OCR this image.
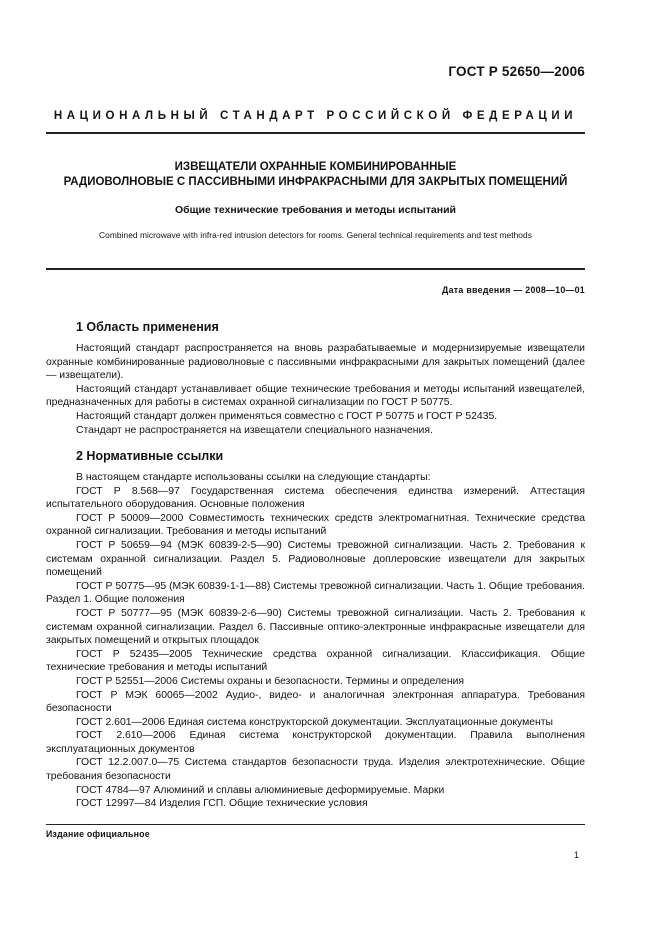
ГОСТ Р 52650—2006
НАЦИОНАЛЬНЫЙ СТАНДАРТ РОССИЙСКОЙ ФЕДЕРАЦИИ
ИЗВЕЩАТЕЛИ ОХРАННЫЕ КОМБИНИРОВАННЫЕ
РАДИОВОЛНОВЫЕ С ПАССИВНЫМИ ИНФРАКРАСНЫМИ ДЛЯ ЗАКРЫТЫХ ПОМЕЩЕНИЙ
Общие технические требования и методы испытаний
Combined microwave with infra-red intrusion detectors for rooms. General technical requirements and test methods
Дата введения — 2008—10—01
1 Область применения

Настоящий стандарт распространяется на вновь разрабатываемые и модернизируемые извещатели охранные комбинированные радиоволновые с пассивными инфракрасными для закрытых помещений (далее — извещатели).

Настоящий стандарт устанавливает общие технические требования и методы испытаний извещателей, предназначенных для работы в системах охранной сигнализации по ГОСТ Р 50775.

Настоящий стандарт должен применяться совместно с ГОСТ Р 50775 и ГОСТ Р 52435.

Стандарт не распространяется на извещатели специального назначения.

2 Нормативные ссылки

В настоящем стандарте использованы ссылки на следующие стандарты:

ГОСТ Р 8.568—97 Государственная система обеспечения единства измерений. Аттестация испытательного оборудования. Основные положения

ГОСТ Р 50009—2000 Совместимость технических средств электромагнитная. Технические средства охранной сигнализации. Требования и методы испытаний

ГОСТ Р 50659—94 (МЭК 60839-2-5—90) Системы тревожной сигнализации. Часть 2. Требования к системам охранной сигнализации. Раздел 5. Радиоволновые доплеровские извещатели для закрытых помещений

ГОСТ Р 50775—95 (МЭК 60839-1-1—88) Системы тревожной сигнализации. Часть 1. Общие требования. Раздел 1. Общие положения

ГОСТ Р 50777—95 (МЭК 60839-2-6—90) Системы тревожной сигнализации. Часть 2. Требования к системам охранной сигнализации. Раздел 6. Пассивные оптико-электронные инфракрасные извещатели для закрытых помещений и открытых площадок

ГОСТ Р 52435—2005 Технические средства охранной сигнализации. Классификация. Общие технические требования и методы испытаний

ГОСТ Р 52551—2006 Системы охраны и безопасности. Термины и определения

ГОСТ Р МЭК 60065—2002 Аудио-, видео- и аналогичная электронная аппаратура. Требования безопасности

ГОСТ 2.601—2006 Единая система конструкторской документации. Эксплуатационные документы

ГОСТ 2.610—2006 Единая система конструкторской документации. Правила выполнения эксплуатационных документов

ГОСТ 12.2.007.0—75 Система стандартов безопасности труда. Изделия электротехнические. Общие требования безопасности

ГОСТ 4784—97 Алюминий и сплавы алюминиевые деформируемые. Марки

ГОСТ 12997—84 Изделия ГСП. Общие технические условия

Издание официальное
1
